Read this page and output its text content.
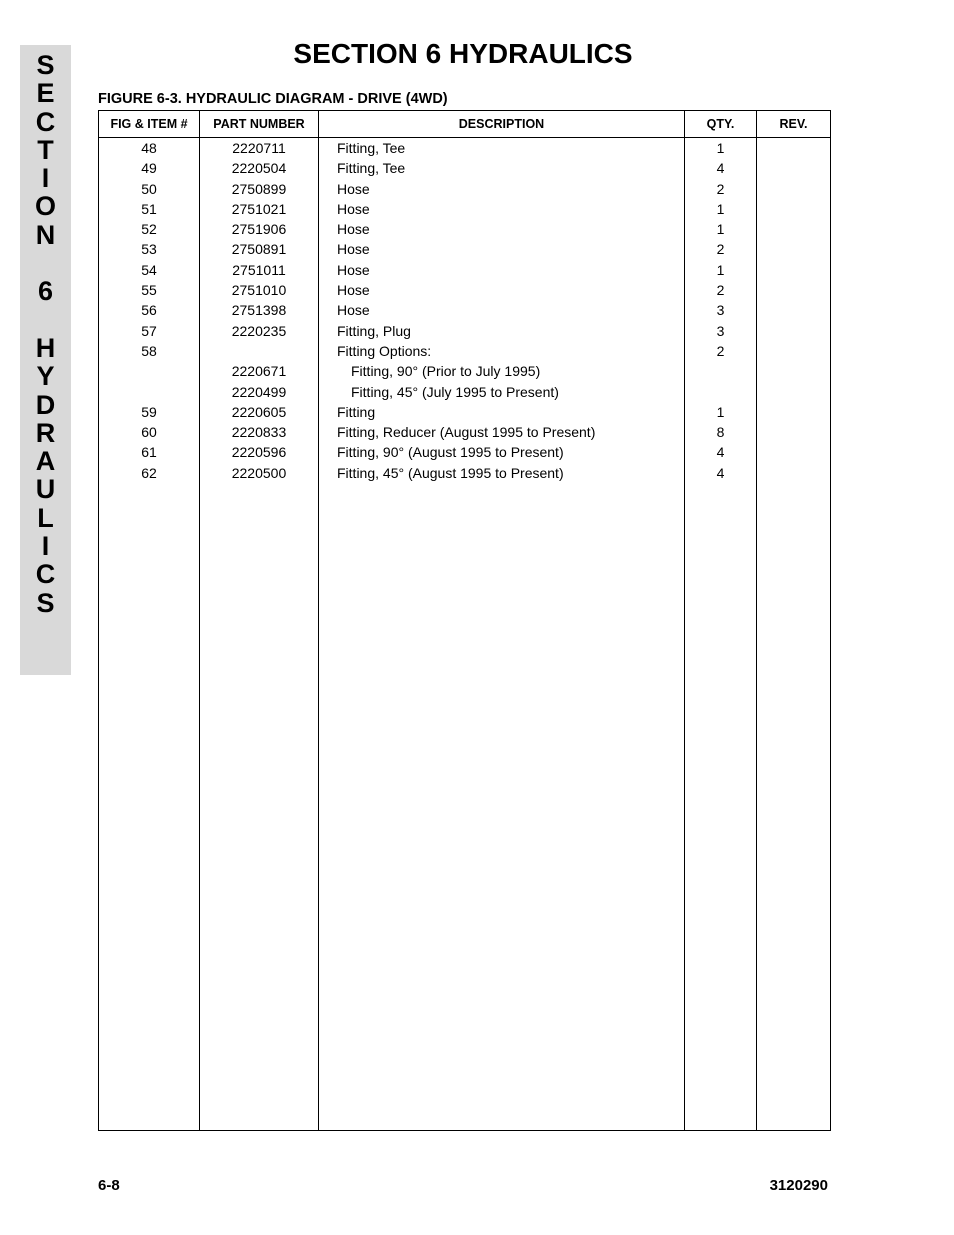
S
E
C
T
I
O
N
6
H
Y
D
R
A
U
L
I
C
S
SECTION 6 HYDRAULICS
FIGURE 6-3. HYDRAULIC DIAGRAM - DRIVE (4WD)
FIG & ITEM #	PART NUMBER	DESCRIPTION	QTY.	REV.
48	2220711	Fitting, Tee	1	
49	2220504	Fitting, Tee	4	
50	2750899	Hose	2	
51	2751021	Hose	1	
52	2751906	Hose	1	
53	2750891	Hose	2	
54	2751011	Hose	1	
55	2751010	Hose	2	
56	2751398	Hose	3	
57	2220235	Fitting, Plug	3	
58		Fitting Options:	2	
	2220671	Fitting, 90° (Prior to July 1995)		
	2220499	Fitting, 45° (July 1995 to Present)		
59	2220605	Fitting	1	
60	2220833	Fitting, Reducer (August 1995 to Present)	8	
61	2220596	Fitting, 90° (August 1995 to Present)	4	
62	2220500	Fitting, 45° (August 1995 to Present)	4	

6-8	3120290
